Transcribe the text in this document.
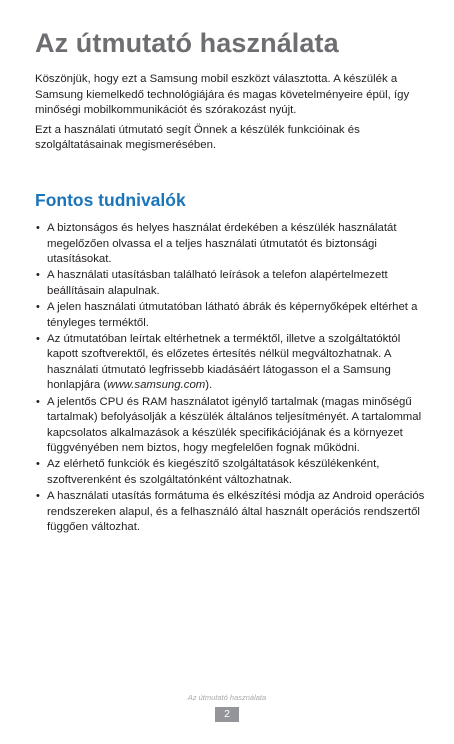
Az útmutató használata

Köszönjük, hogy ezt a Samsung mobil eszközt választotta. A készülék a Samsung kiemelkedő technológiájára és magas követelményeire épül, így minőségi mobilkommunikációt és szórakozást nyújt.

Ezt a használati útmutató segít Önnek a készülék funkcióinak és szolgáltatásainak megismerésében.

Fontos tudnivalók
• A biztonságos és helyes használat érdekében a készülék használatát megelőzően olvassa el a teljes használati útmutatót és biztonsági utasításokat.
• A használati utasításban található leírások a telefon alapértelmezett beállításain alapulnak.
• A jelen használati útmutatóban látható ábrák és képernyőképek eltérhet a tényleges terméktől.
• Az útmutatóban leírtak eltérhetnek a terméktől, illetve a szolgáltatóktól kapott szoftverektől, és előzetes értesítés nélkül megváltozhatnak. A használati útmutató legfrissebb kiadásáért látogasson el a Samsung honlapjára (www.samsung.com).
• A jelentős CPU és RAM használatot igénylő tartalmak (magas minőségű tartalmak) befolyásolják a készülék általános teljesítményét. A tartalommal kapcsolatos alkalmazások a készülék specifikációjának és a környezet függvényében nem biztos, hogy megfelelően fognak működni.
• Az elérhető funkciók és kiegészítő szolgáltatások készülékenként, szoftverenként és szolgáltatónként változhatnak.
• A használati utasítás formátuma és elkészítési módja az Android operációs rendszereken alapul, és a felhasználó által használt operációs rendszertől függően változhat.
Az útmutató használata
2
